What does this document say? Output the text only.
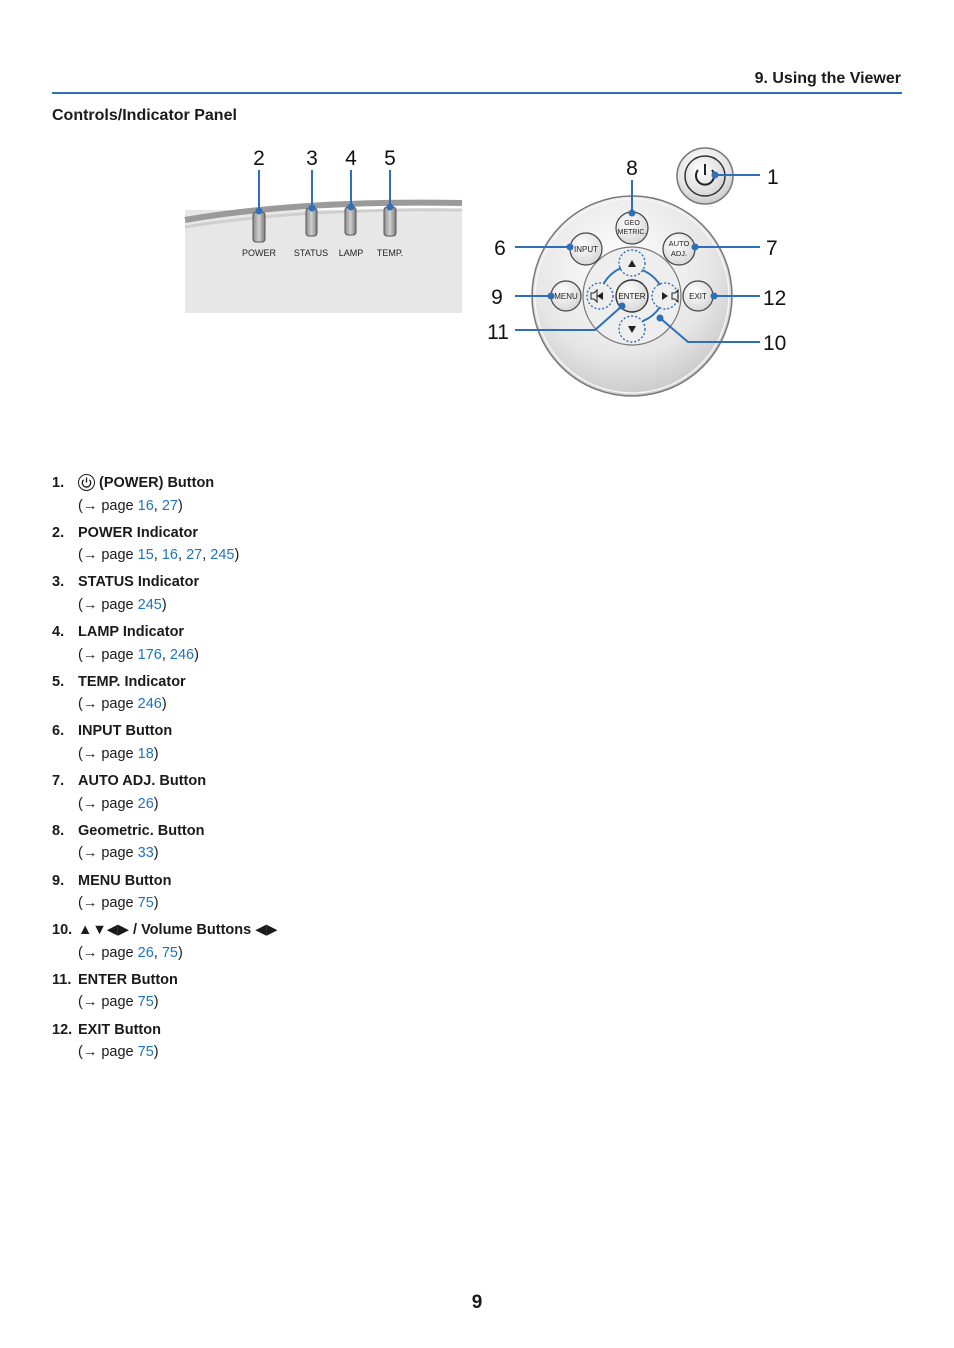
9. Using the Viewer
Controls/Indicator Panel
POWER STATUS LAMP TEMP.
2 3 4 5
GEO
METRIC.
INPUT
AUTO
ADJ.
MENU	EXIT
ENTER
1
8
6	7
9	12
11	10
1.	(POWER) Button
(→ page 16, 27)
2. POWER Indicator
(→ page 15, 16, 27, 245)
3. STATUS Indicator
(→ page 245)
4. LAMP Indicator
(→ page 176, 246)
5. TEMP. Indicator
(→ page 246)
6. INPUT Button
(→ page 18)
7. AUTO ADJ. Button
(→ page 26)
8. Geometric. Button
(→ page 33)
9. MENU Button
(→ page 75)
10. ▲▼◀▶ / Volume Buttons ◀▶
(→ page 26, 75)
11. ENTER Button
(→ page 75)
12. EXIT Button
(→ page 75)
9
